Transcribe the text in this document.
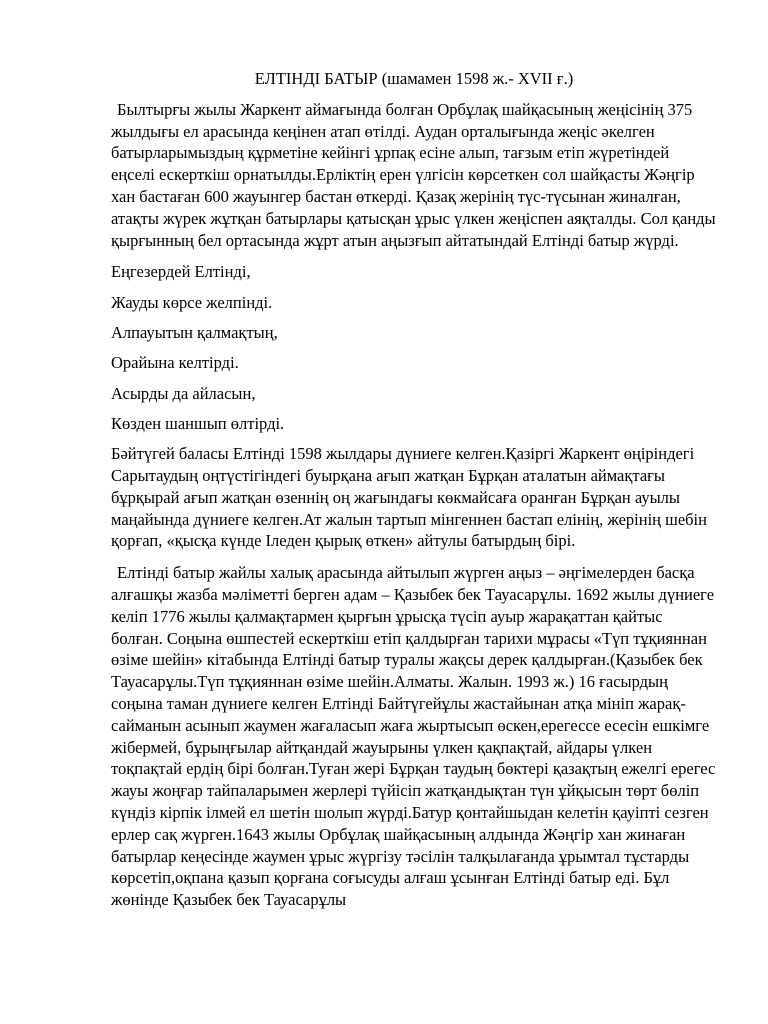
ЕЛТІНДІ БАТЫР (шамамен 1598 ж.- XVII ғ.)

Былтырғы жылы Жаркент аймағында болған Орбұлақ шайқасының жеңісінің 375 жылдығы ел арасында кеңінен атап өтілді. Аудан орталығында жеңіс әкелген батырларымыздың құрметіне кейінгі ұрпақ есіне алып, тағзым етіп жүретіндей еңселі ескерткіш орнатылды.Ерліктің ерен үлгісін көрсеткен сол шайқасты Жәңгір хан бастаған 600 жауынгер бастан өткерді. Қазақ жерінің түс-түсынан жиналған, атақты жүрек жұтқан батырлары қатысқан ұрыс үлкен жеңіспен аяқталды. Сол қанды қырғынның бел ортасында жұрт атын аңызғып айтатындай Елтінді батыр жүрді.

Еңгезердей Елтінді,

Жауды көрсе желпінді.

Алпауытын қалмақтың,

Орайына келтірді.

Асырды да айласын,

Көзден шаншып өлтірді.

Бәйтүгей баласы Елтінді 1598 жылдары дүниеге келген.Қазіргі Жаркент өңіріндегі Сарытаудың оңтүстігіндегі буырқана ағып жатқан Бұрқан аталатын аймақтағы бұрқырай ағып жатқан өзеннің оң жағындағы көкмайсаға оранған Бұрқан ауылы маңайында дүниеге келген.Ат жалын тартып мінгеннен бастап елінің, жерінің шебін қорғап, «қысқа күнде Іледен қырық өткен» айтулы батырдың бірі.

Елтінді батыр жайлы халық арасында айтылып жүрген аңыз – әңгімелерден басқа алғашқы жазба мәліметті берген адам – Қазыбек бек Тауасарұлы. 1692 жылы дүниеге келіп 1776 жылы қалмақтармен қырғын ұрысқа түсіп ауыр жарақаттан қайтыс болған. Соңына өшпестей ескерткіш етіп қалдырған тарихи мұрасы «Түп тұқияннан өзіме шейін» кітабында Елтінді батыр туралы жақсы дерек қалдырған.(Қазыбек бек Тауасарұлы.Түп тұқияннан өзіме шейін.Алматы. Жалын. 1993 ж.) 16 ғасырдың соңына таман дүниеге келген Елтінді Байтүгейұлы жастайынан атқа мініп жарақ-сайманын асынып жаумен жағаласып жаға жыртысып өскен,ерегессе есесін ешкімге жібермей, бұрыңғылар айтқандай жауырыны үлкен қақпақтай, айдары үлкен тоқпақтай ердің бірі болған.Туған жері Бұрқан таудың бөктері қазақтың ежелгі ерегес жауы жоңғар тайпаларымен жерлері түйісіп жатқандықтан түн ұйқысын төрт бөліп күндіз кірпік ілмей ел шетін шолып жүрді.Батур қонтайшыдан келетін қауіпті сезген ерлер сақ жүрген.1643 жылы Орбұлақ шайқасының алдында Жәңгір хан жинаған батырлар кеңесінде жаумен ұрыс жүргізу тәсілін талқылағанда ұрымтал тұстарды көрсетіп,оқпана қазып қорғана соғысуды алғаш ұсынған Елтінді батыр еді. Бұл жөнінде Қазыбек бек Тауасарұлы
